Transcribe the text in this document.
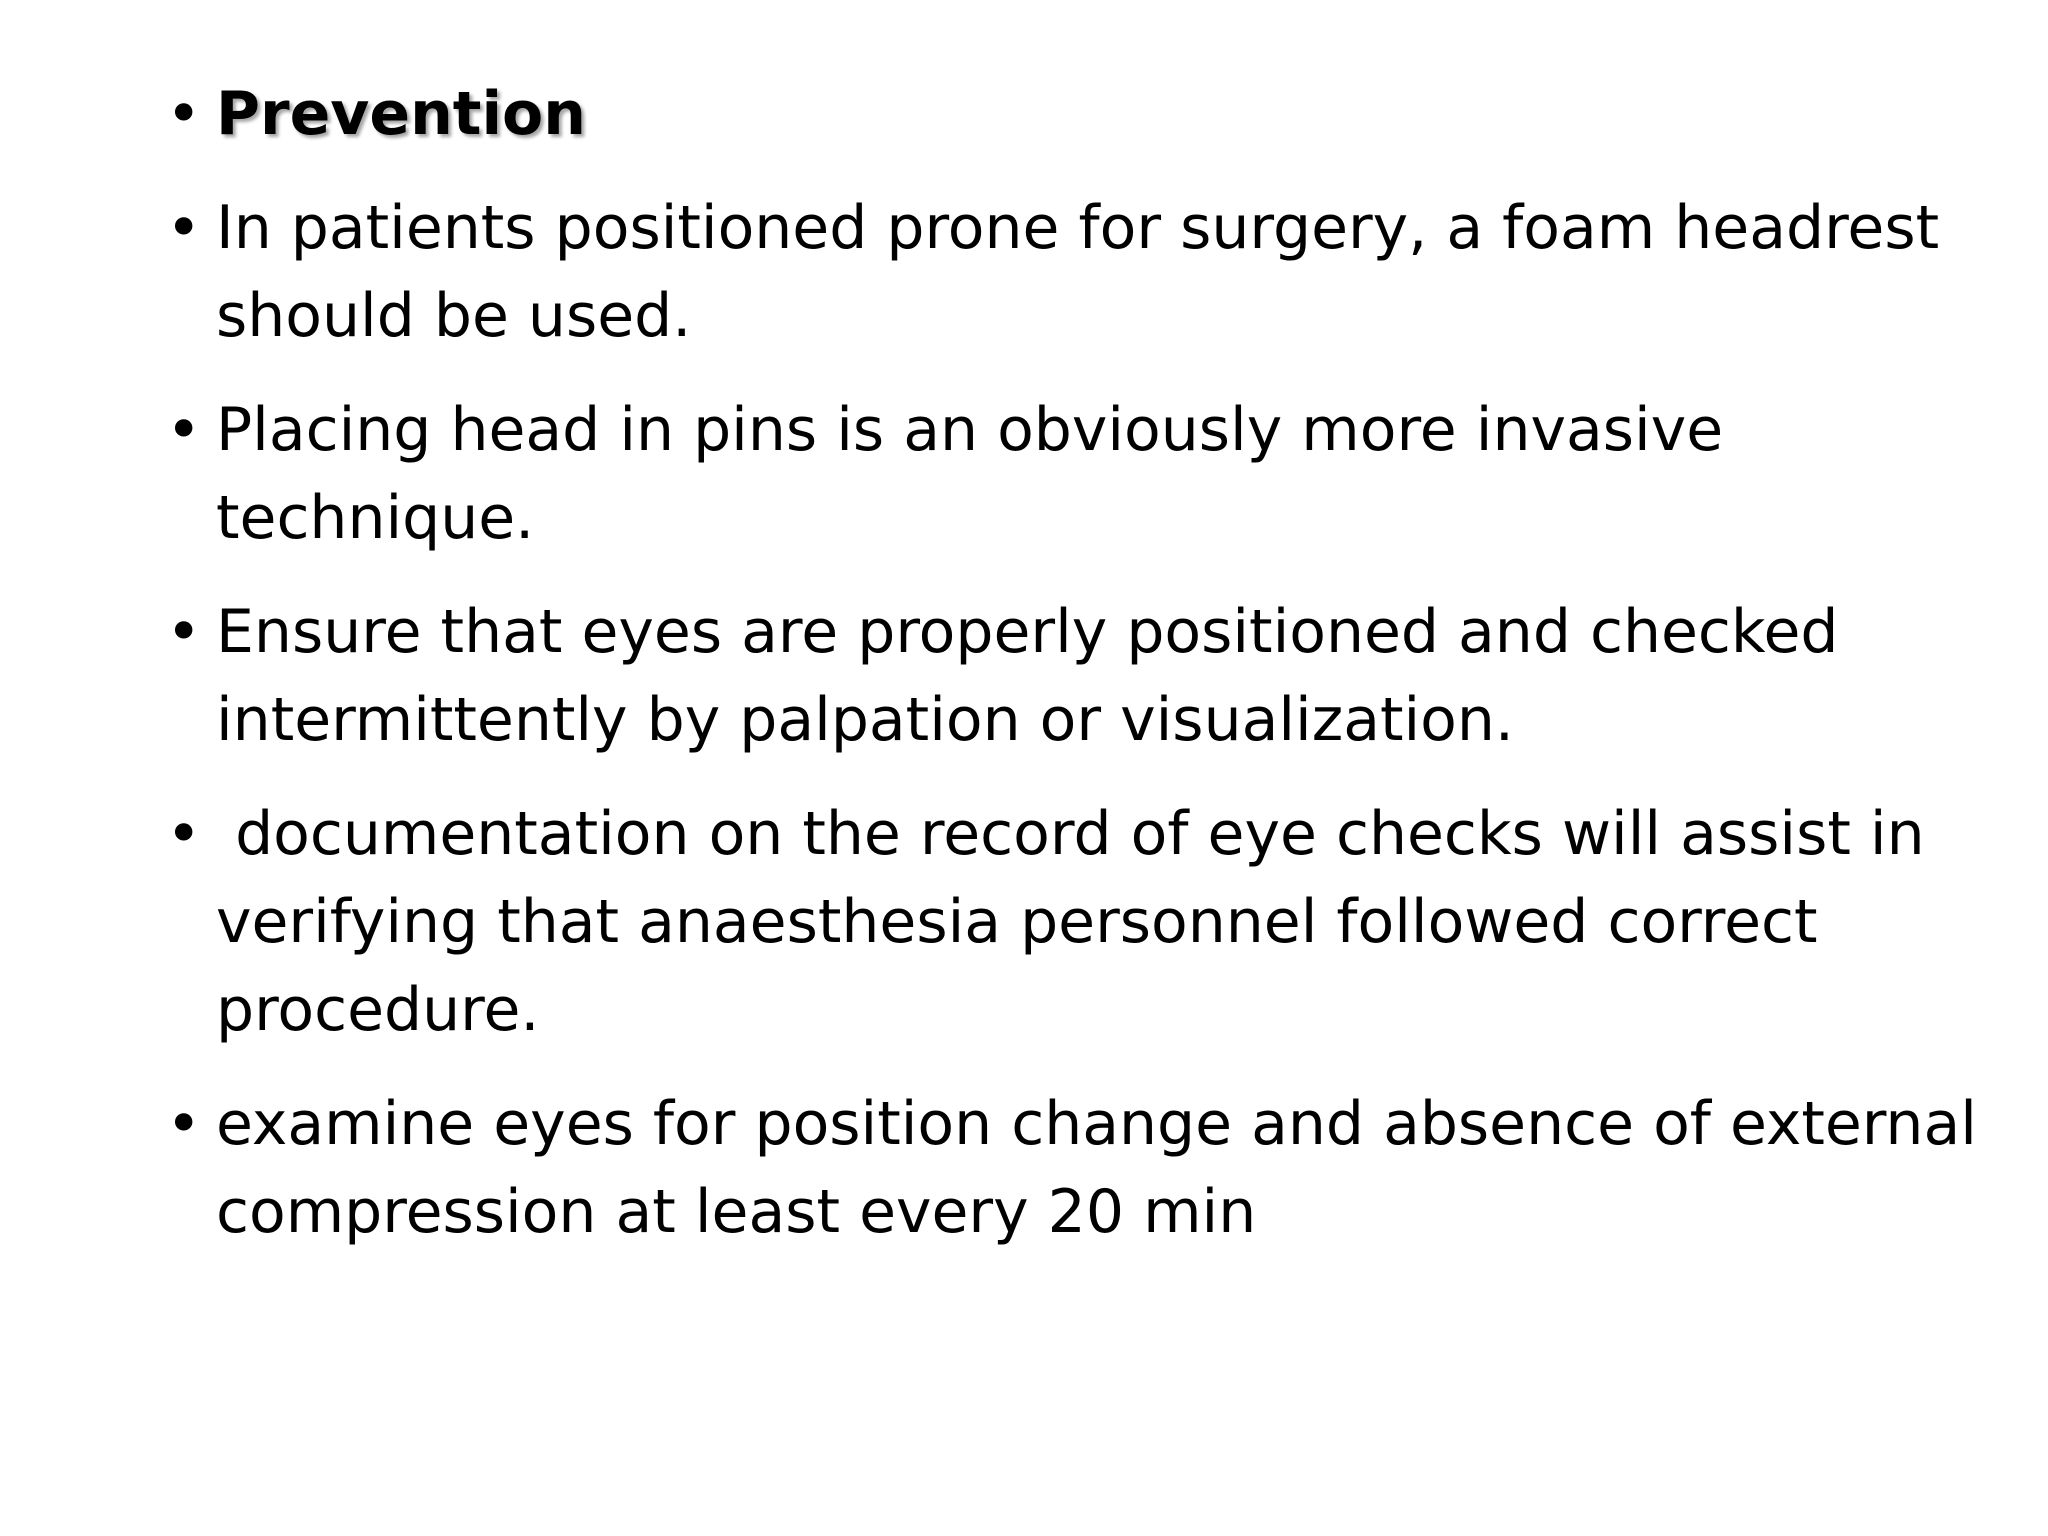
• Prevention
• In patients positioned prone for surgery, a foam headrest should be used.
• Placing head in pins is an obviously more invasive technique.
• Ensure that eyes are properly positioned and checked intermittently by palpation or visualization.
• documentation on the record of eye checks will assist in verifying that anaesthesia personnel followed correct procedure.
• examine eyes for position change and absence of external compression at least every 20 min
